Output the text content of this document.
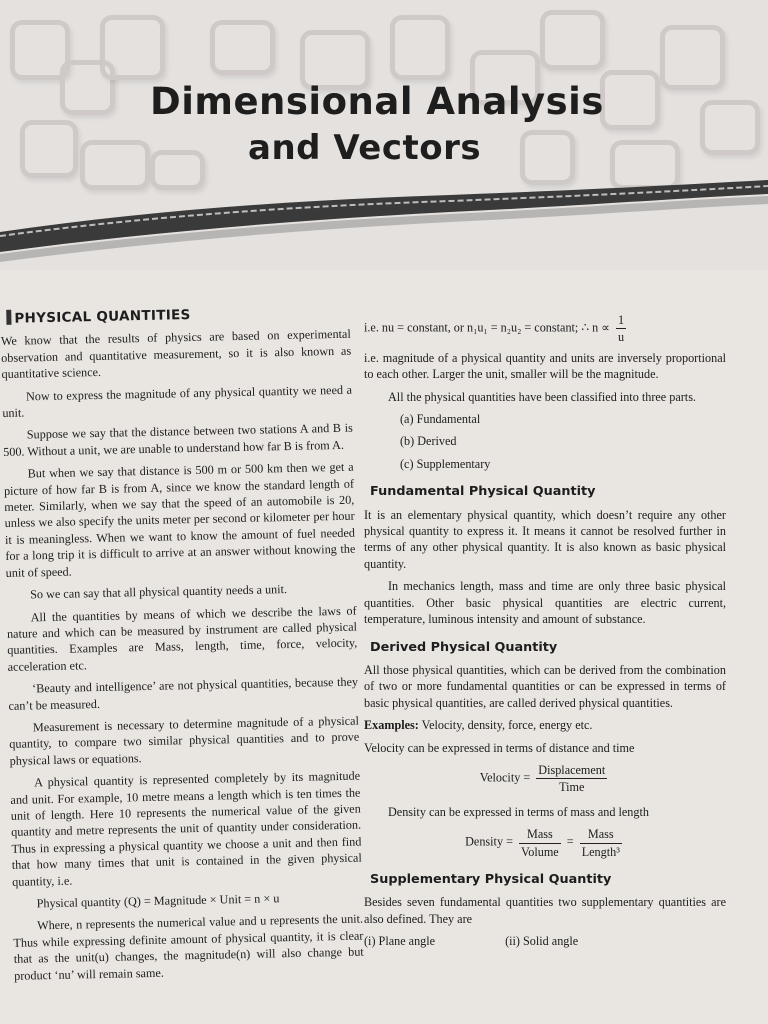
Dimensional Analysis
and Vectors

PHYSICAL QUANTITIES

We know that the results of physics are based on experimental observation and quantitative measurement, so it is also known as quantitative science.

Now to express the magnitude of any physical quantity we need a unit.

Suppose we say that the distance between two stations A and B is 500. Without a unit, we are unable to understand how far B is from A.

But when we say that distance is 500 m or 500 km then we get a picture of how far B is from A, since we know the standard length of meter. Similarly, when we say that the speed of an automobile is 20, unless we also specify the units meter per second or kilometer per hour it is meaningless. When we want to know the amount of fuel needed for a long trip it is difficult to arrive at an answer without knowing the unit of speed.

So we can say that all physical quantity needs a unit.

All the quantities by means of which we describe the laws of nature and which can be measured by instrument are called physical quantities. Examples are Mass, length, time, force, velocity, acceleration etc.

‘Beauty and intelligence’ are not physical quantities, because they can’t be measured.

Measurement is necessary to determine magnitude of a physical quantity, to compare two similar physical quantities and to prove physical laws or equations.

A physical quantity is represented completely by its magnitude and unit. For example, 10 metre means a length which is ten times the unit of length. Here 10 represents the numerical value of the given quantity and metre represents the unit of quantity under consideration. Thus in expressing a physical quantity we choose a unit and then find that how many times that unit is contained in the given physical quantity, i.e.

Physical quantity (Q) = Magnitude × Unit = n × u

Where, n represents the numerical value and u represents the unit. Thus while expressing definite amount of physical quantity, it is clear that as the unit(u) changes, the magnitude(n) will also change but product ‘nu’ will remain same.

i.e. nu = constant, or n₁u₁ = n₂u₂ = constant; ∴ $n \propto \frac{1}{u}$

i.e. magnitude of a physical quantity and units are inversely proportional to each other. Larger the unit, smaller will be the magnitude.

All the physical quantities have been classified into three parts.

(a) Fundamental
(b) Derived
(c) Supplementary
Fundamental Physical Quantity

It is an elementary physical quantity, which doesn’t require any other physical quantity to express it. It means it cannot be resolved further in terms of any other physical quantity. It is also known as basic physical quantity.

In mechanics length, mass and time are only three basic physical quantities. Other basic physical quantities are electric current, temperature, luminous intensity and amount of substance.

Derived Physical Quantity

All those physical quantities, which can be derived from the combination of two or more fundamental quantities or can be expressed in terms of basic physical quantities, are called derived physical quantities.

Examples: Velocity, density, force, energy etc.

Velocity can be expressed in terms of distance and time

Velocity = $\frac{\text{Displacement}}{\text{Time}}$

Density can be expressed in terms of mass and length

Density = $\frac{\text{Mass}}{\text{Volume}} = \frac{\text{Mass}}{\text{Length³}}$
Supplementary Physical Quantity

Besides seven fundamental quantities two supplementary quantities are also defined. They are

(i) Plane angle	(ii) Solid angle
